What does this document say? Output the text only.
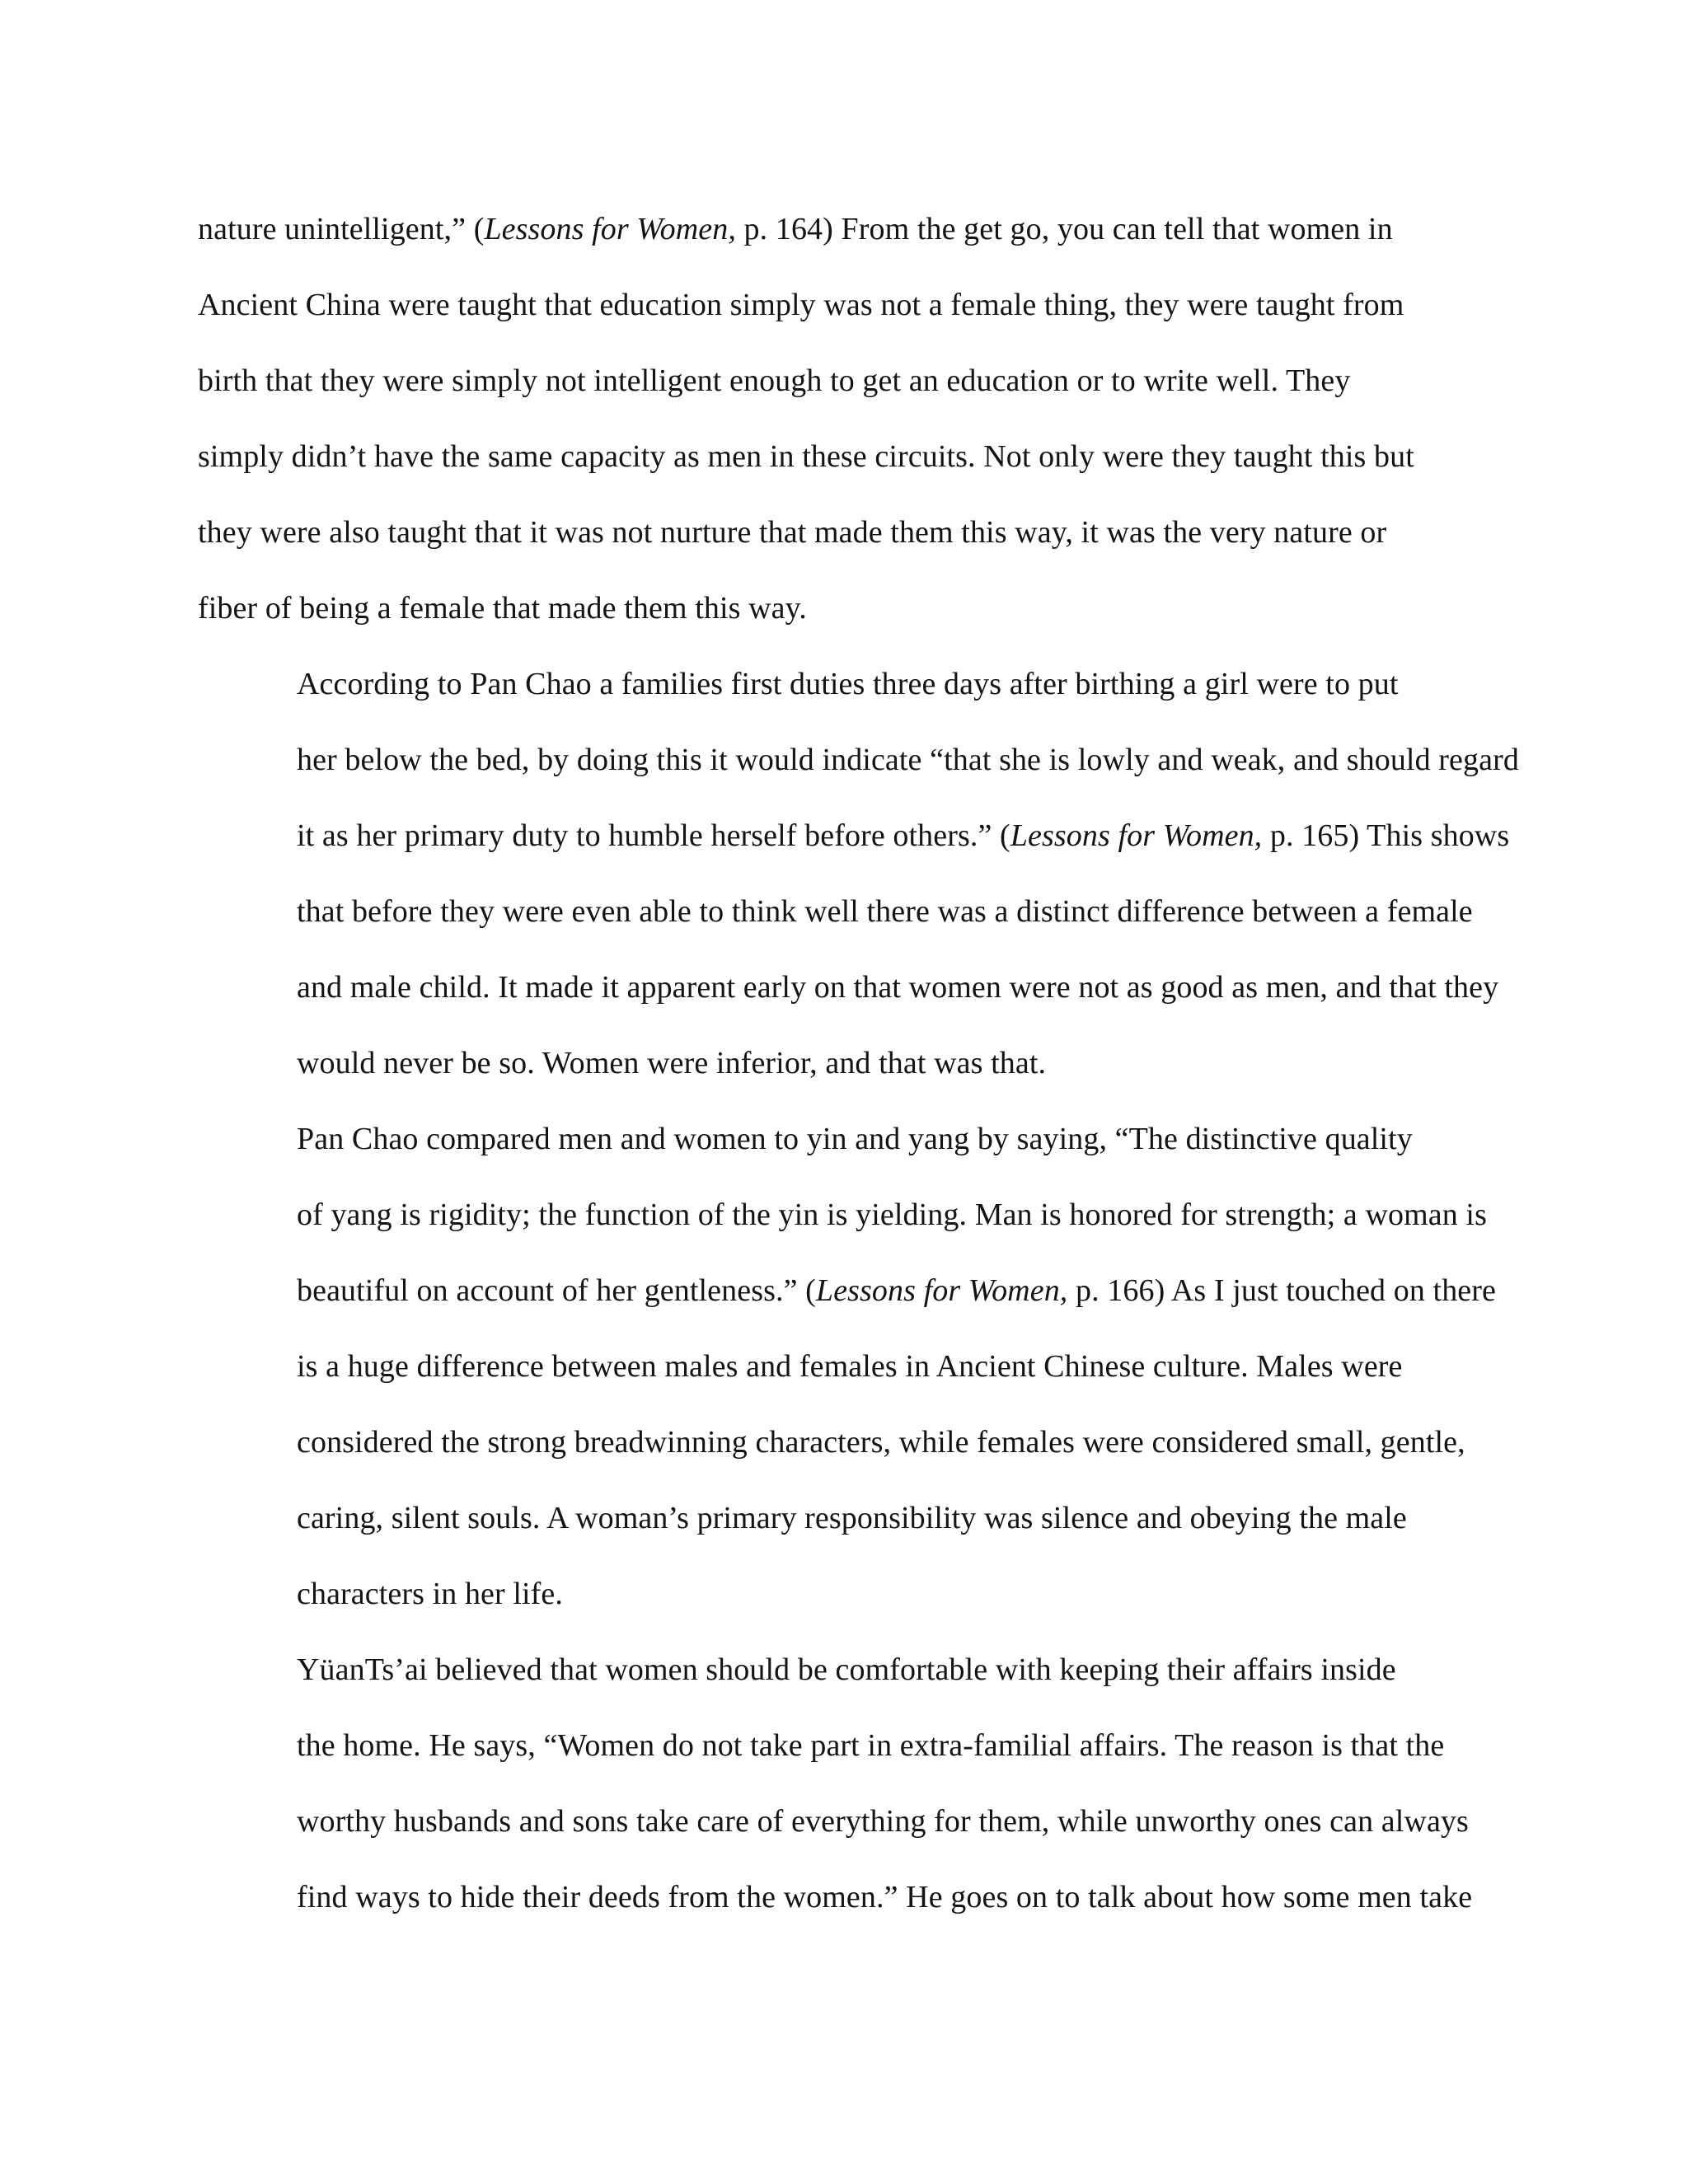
nature unintelligent,” (Lessons for Women, p. 164) From the get go, you can tell that women in
Ancient China were taught that education simply was not a female thing, they were taught from
birth that they were simply not intelligent enough to get an education or to write well. They
simply didn’t have the same capacity as men in these circuits. Not only were they taught this but
they were also taught that it was not nurture that made them this way, it was the very nature or
fiber of being a female that made them this way.
According to Pan Chao a families first duties three days after birthing a girl were to put
her below the bed, by doing this it would indicate “that she is lowly and weak, and should regard
it as her primary duty to humble herself before others.” (Lessons for Women, p. 165) This shows
that before they were even able to think well there was a distinct difference between a female
and male child. It made it apparent early on that women were not as good as men, and that they
would never be so. Women were inferior, and that was that.
Pan Chao compared men and women to yin and yang by saying, “The distinctive quality
of yang is rigidity; the function of the yin is yielding. Man is honored for strength; a woman is
beautiful on account of her gentleness.” (Lessons for Women, p. 166) As I just touched on there
is a huge difference between males and females in Ancient Chinese culture. Males were
considered the strong breadwinning characters, while females were considered small, gentle,
caring, silent souls. A woman’s primary responsibility was silence and obeying the male
characters in her life.
YüanTs’ai believed that women should be comfortable with keeping their affairs inside
the home. He says, “Women do not take part in extra-familial affairs. The reason is that the
worthy husbands and sons take care of everything for them, while unworthy ones can always
find ways to hide their deeds from the women.” He goes on to talk about how some men take
